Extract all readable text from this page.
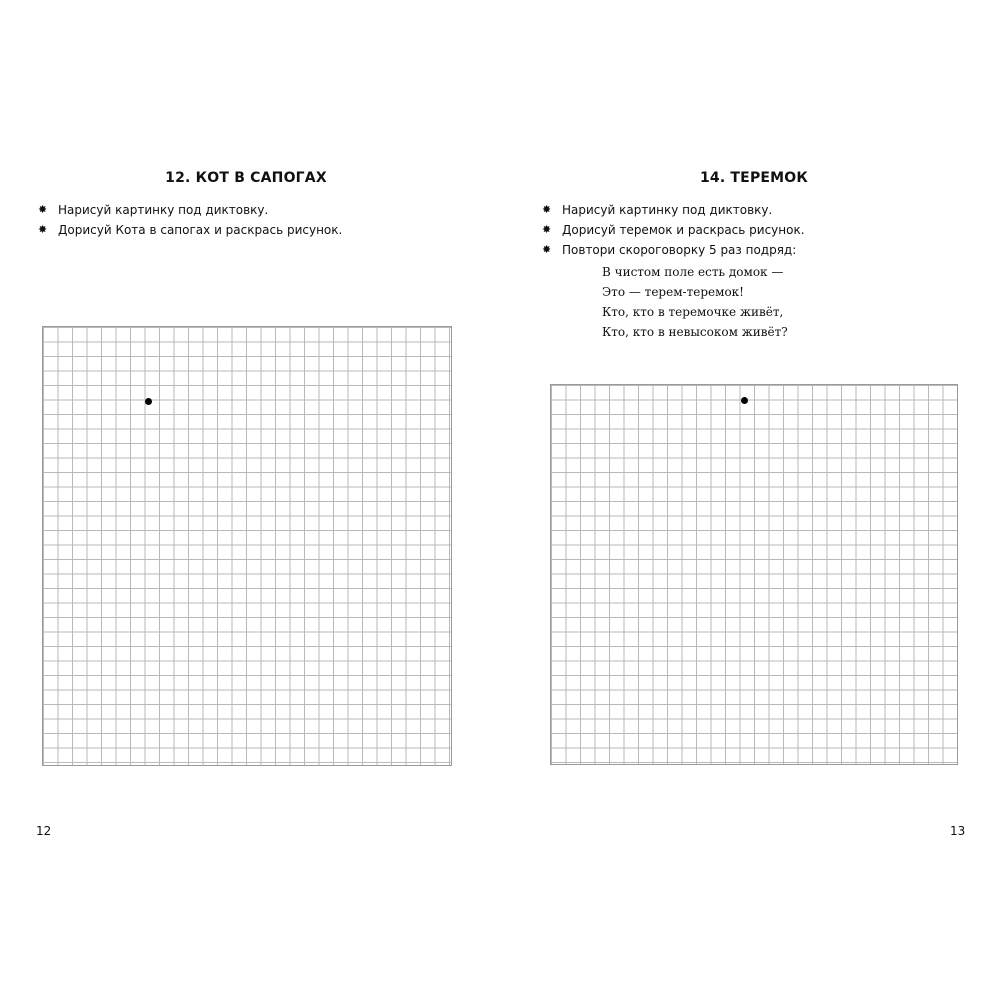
12. КОТ В САПОГАХ
✸ Нарисуй картинку под диктовку.
✸ Дорисуй Кота в сапогах и раскрась рисунок.
12
14. ТЕРЕМОК
✸ Нарисуй картинку под диктовку.
✸ Дорисуй теремок и раскрась рисунок.
✸ Повтори скороговорку 5 раз подряд:
В чистом поле есть домок —
Это — терем-теремок!
Кто, кто в теремочке живёт,
Кто, кто в невысоком живёт?
13
